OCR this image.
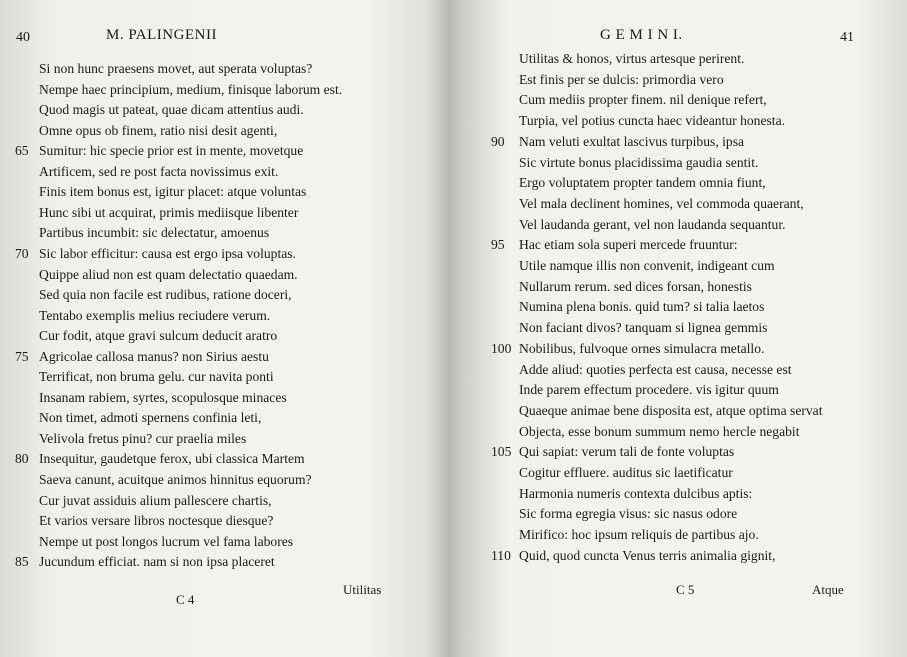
40	M. PALINGENII
Si non hunc praesens movet, aut sperata voluptas?
Nempe haec principium, medium, finisque laborum est.
Quod magis ut pateat, quae dicam attentius audi.
Omne opus ob finem, ratio nisi desit agenti,
Sumitur: hic specie prior est in mente, movetque
Artificem, sed re post facta novissimus exit.
Finis item bonus est, igitur placet: atque voluntas
Hunc sibi ut acquirat, primis mediisque libenter
Partibus incumbit: sic delectatur, amoenus
Sic labor efficitur: causa est ergo ipsa voluptas.
Quippe aliud non est quam delectatio quaedam.
Sed quia non facile est rudibus, ratione doceri,
Tentabo exemplis melius reciudere verum.
Cur fodit, atque gravi sulcum deducit aratro
Agricolae callosa manus? non Sirius aestu
Terrificat, non bruma gelu. cur navita ponti
Insanam rabiem, syrtes, scopulosque minaces
Non timet, admoti spernens confinia leti,
Velivola fretus pinu? cur praelia miles
Insequitur, gaudetque ferox, ubi classica Martem
Saeva canunt, acuitque animos hinnitus equorum?
Cur juvat assiduis alium pallescere chartis,
Et varios versare libros noctesque diesque?
Nempe ut post longos lucrum vel fama labores
Jucundum efficiat. nam si non ipsa placeret
65
70
75
80
85
C 4
Utilitas
G E M I N I.	41
Utilitas & honos, virtus artesque perirent.
Est finis per se dulcis: primordia vero
Cum mediis propter finem. nil denique refert,
Turpia, vel potius cuncta haec videantur honesta.
Nam veluti exultat lascivus turpibus, ipsa
Sic virtute bonus placidissima gaudia sentit.
Ergo voluptatem propter tandem omnia fiunt,
Vel mala declinent homines, vel commoda quaerant,
Vel laudanda gerant, vel non laudanda sequantur.
Hac etiam sola superi mercede fruuntur:
Utile namque illis non convenit, indigeant cum
Nullarum rerum. sed dices forsan, honestis
Numina plena bonis. quid tum? si talia laetos
Non faciant divos? tanquam si lignea gemmis
Nobilibus, fulvoque ornes simulacra metallo.
Adde aliud: quoties perfecta est causa, necesse est
Inde parem effectum procedere. vis igitur quum
Quaeque animae bene disposita est, atque optima servat
Objecta, esse bonum summum nemo hercle negabit
Qui sapiat: verum tali de fonte voluptas
Cogitur effluere. auditus sic laetificatur
Harmonia numeris contexta dulcibus aptis:
Sic forma egregia visus: sic nasus odore
Mirifico: hoc ipsum reliquis de partibus ajo.
Quid, quod cuncta Venus terris animalia gignit,
90
95
100
105
110
C 5	Atque
